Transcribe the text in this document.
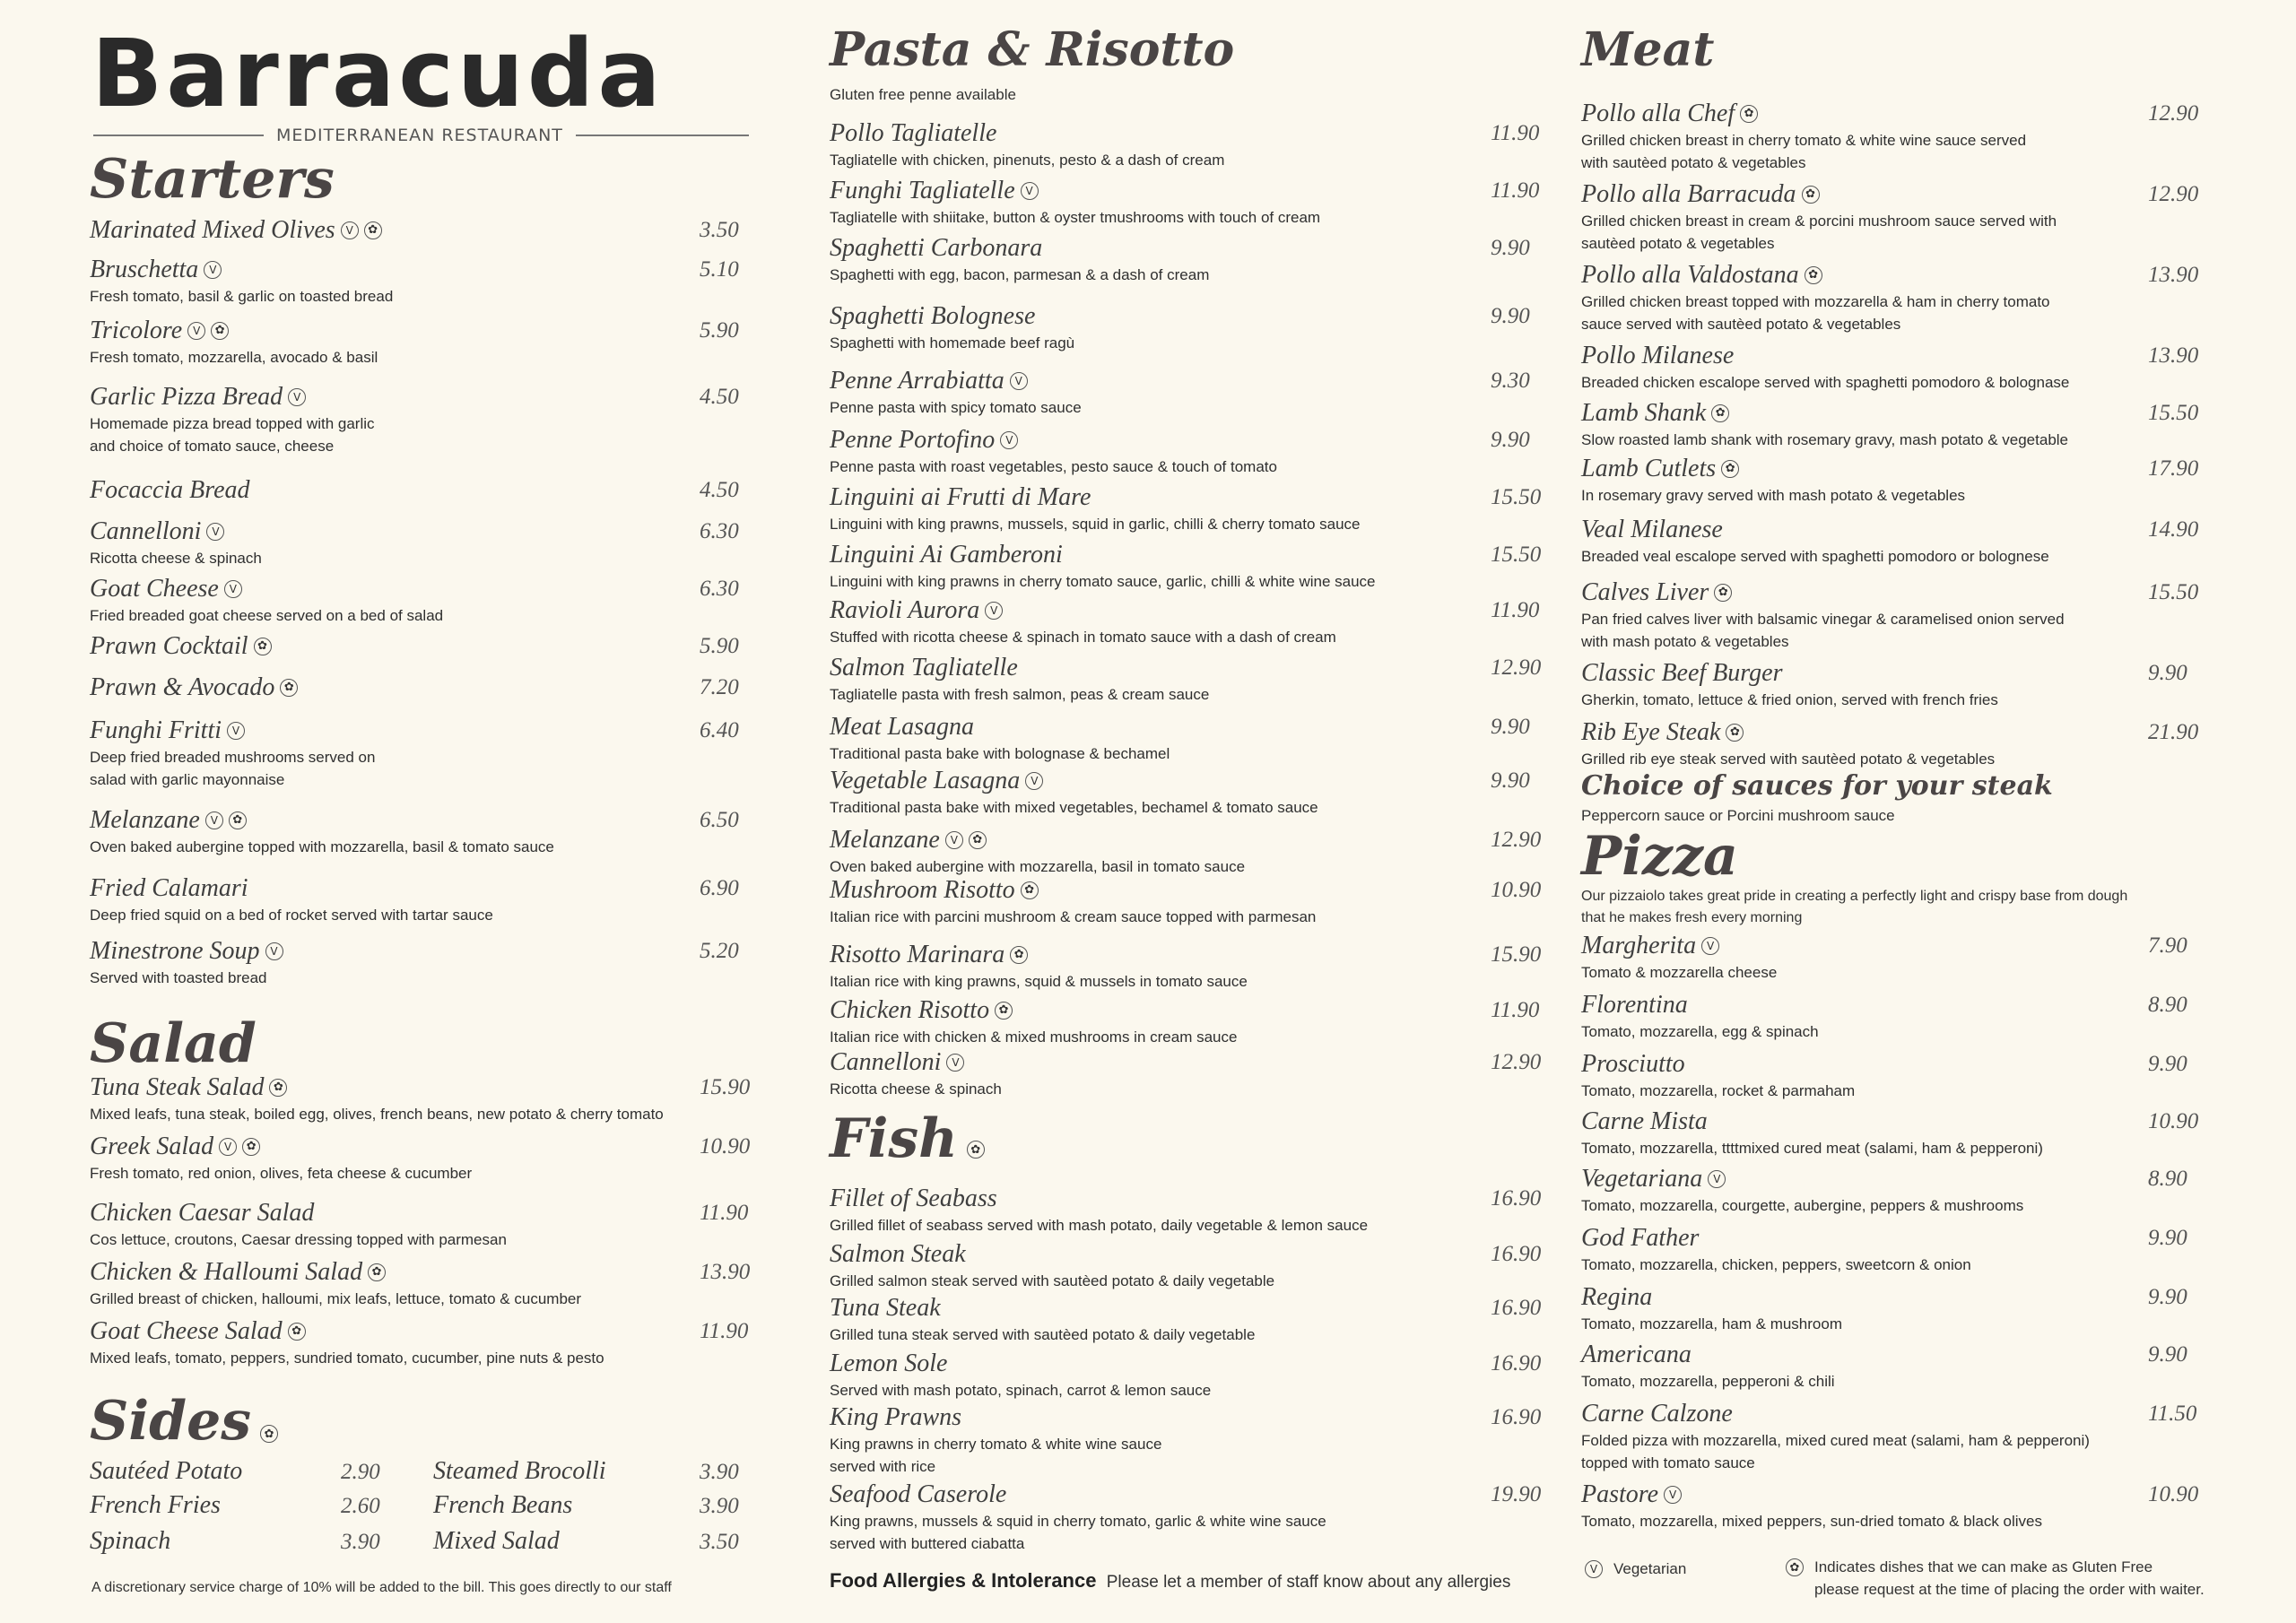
Barracuda
MEDITERRANEAN RESTAURANT
Starters
Marinated Mixed Olives V	✿	3.50
Bruschetta V	5.10
Fresh tomato, basil & garlic on toasted bread
Tricolore V	✿	5.90
Fresh tomato, mozzarella, avocado & basil
Garlic Pizza Bread V	4.50
Homemade pizza bread topped with garlic
and choice of tomato sauce, cheese
Focaccia Bread	4.50
Cannelloni V	6.30
Ricotta cheese & spinach
Goat Cheese V	6.30
Fried breaded goat cheese served on a bed of salad
Prawn Cocktail ✿	5.90
Prawn & Avocado ✿	7.20
Funghi Fritti V	6.40
Deep fried breaded mushrooms served on
salad with garlic mayonnaise
Melanzane V	✿	6.50
Oven baked aubergine topped with mozzarella, basil & tomato sauce
Fried Calamari	6.90
Deep fried squid on a bed of rocket served with tartar sauce
Minestrone Soup V	5.20
Served with toasted bread
Salad
Tuna Steak Salad ✿	15.90
Mixed leafs, tuna steak, boiled egg, olives, french beans, new potato & cherry tomato
Greek Salad V	✿	10.90
Fresh tomato, red onion, olives, feta cheese & cucumber
Chicken Caesar Salad	11.90
Cos lettuce, croutons, Caesar dressing topped with parmesan
Chicken & Halloumi Salad ✿	13.90
Grilled breast of chicken, halloumi, mix leafs, lettuce, tomato & cucumber
Goat Cheese Salad ✿	11.90
Mixed leafs, tomato, peppers, sundried tomato, cucumber, pine nuts & pesto
Sides	✿
Sautéed Potato	2.90 Steamed Brocolli	3.90
French Fries	2.60 French Beans	3.90
Spinach	3.90 Mixed Salad	3.50
A discretionary service charge of 10% will be added to the bill. This goes directly to our staff
Pasta & Risotto
Gluten free penne available
Pollo Tagliatelle	11.90
Tagliatelle with chicken, pinenuts, pesto & a dash of cream
Funghi Tagliatelle V	11.90
Tagliatelle with shiitake, button & oyster tmushrooms with touch of cream
Spaghetti Carbonara	9.90
Spaghetti with egg, bacon, parmesan & a dash of cream
Spaghetti Bolognese	9.90
Spaghetti with homemade beef ragù
Penne Arrabiatta V	9.30
Penne pasta with spicy tomato sauce
Penne Portofino V	9.90
Penne pasta with roast vegetables, pesto sauce & touch of tomato
Linguini ai Frutti di Mare	15.50
Linguini with king prawns, mussels, squid in garlic, chilli & cherry tomato sauce
Linguini Ai Gamberoni	15.50
Linguini with king prawns in cherry tomato sauce, garlic, chilli & white wine sauce
Ravioli Aurora V	11.90
Stuffed with ricotta cheese & spinach in tomato sauce with a dash of cream
Salmon Tagliatelle	12.90
Tagliatelle pasta with fresh salmon, peas & cream sauce
Meat Lasagna	9.90
Traditional pasta bake with bolognase & bechamel
Vegetable Lasagna V	9.90
Traditional pasta bake with mixed vegetables, bechamel & tomato sauce
Melanzane V	✿	12.90
Oven baked aubergine with mozzarella, basil in tomato sauce
Mushroom Risotto ✿	10.90
Italian rice with parcini mushroom & cream sauce topped with parmesan
Risotto Marinara ✿	15.90
Italian rice with king prawns, squid & mussels in tomato sauce
Chicken Risotto ✿	11.90
Italian rice with chicken & mixed mushrooms in cream sauce
Cannelloni V	12.90
Ricotta cheese & spinach
Fish	✿
Fillet of Seabass	16.90
Grilled fillet of seabass served with mash potato, daily vegetable & lemon sauce
Salmon Steak	16.90
Grilled salmon steak served with sautèed potato & daily vegetable
Tuna Steak	16.90
Grilled tuna steak served with sautèed potato & daily vegetable
Lemon Sole	16.90
Served with mash potato, spinach, carrot & lemon sauce
King Prawns	16.90
King prawns in cherry tomato & white wine sauce
served with rice
Seafood Caserole	19.90
King prawns, mussels & squid in cherry tomato, garlic & white wine sauce
served with buttered ciabatta
Food Allergies & Intolerance Please let a member of staff know about any allergies
Meat
Pollo alla Chef ✿	12.90
Grilled chicken breast in cherry tomato & white wine sauce served
with sautèed potato & vegetables
Pollo alla Barracuda ✿	12.90
Grilled chicken breast in cream & porcini mushroom sauce served with
sautèed potato & vegetables
Pollo alla Valdostana ✿	13.90
Grilled chicken breast topped with mozzarella & ham in cherry tomato
sauce served with sautèed potato & vegetables
Pollo Milanese	13.90
Breaded chicken escalope served with spaghetti pomodoro & bolognase
Lamb Shank ✿	15.50
Slow roasted lamb shank with rosemary gravy, mash potato & vegetable
Lamb Cutlets ✿	17.90
In rosemary gravy served with mash potato & vegetables
Veal Milanese	14.90
Breaded veal escalope served with spaghetti pomodoro or bolognese
Calves Liver ✿	15.50
Pan fried calves liver with balsamic vinegar & caramelised onion served
with mash potato & vegetables
Classic Beef Burger	9.90
Gherkin, tomato, lettuce & fried onion, served with french fries
Rib Eye Steak ✿	21.90
Grilled rib eye steak served with sautèed potato & vegetables
Choice of sauces for your steak
Peppercorn sauce or Porcini mushroom sauce
Pizza
Our pizzaiolo takes great pride in creating a perfectly light and crispy base from dough
that he makes fresh every morning
Margherita V	7.90
Tomato & mozzarella cheese
Florentina	8.90
Tomato, mozzarella, egg & spinach
Prosciutto	9.90
Tomato, mozzarella, rocket & parmaham
Carne Mista	10.90
Tomato, mozzarella, ttttmixed cured meat (salami, ham & pepperoni)
Vegetariana V	8.90
Tomato, mozzarella, courgette, aubergine, peppers & mushrooms
God Father	9.90
Tomato, mozzarella, chicken, peppers, sweetcorn & onion
Regina	9.90
Tomato, mozzarella, ham & mushroom
Americana	9.90
Tomato, mozzarella, pepperoni & chili
Carne Calzone	11.50
Folded pizza with mozzarella, mixed cured meat (salami, ham & pepperoni)
topped with tomato sauce
Pastore V	10.90
Tomato, mozzarella, mixed peppers, sun-dried tomato & black olives
V	Vegetarian	✿ Indicates dishes that we can make as Gluten Free
please request at the time of placing the order with waiter.
